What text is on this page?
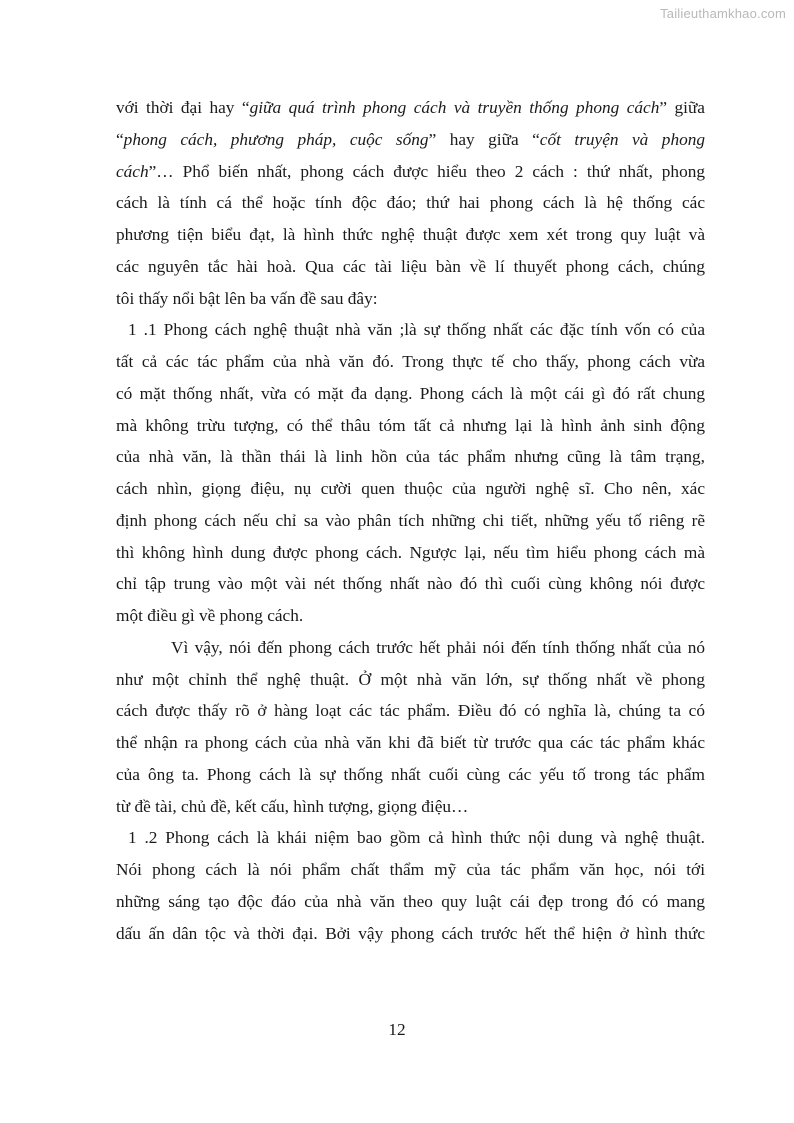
Tailieuthamkhao.com
với thời đại hay “giữa quá trình phong cách và truyền thống phong cách” giữa
“phong cách, phương pháp, cuộc sống” hay giữa “cốt truyện và phong
cách”… Phổ biến nhất, phong cách được hiểu theo 2 cách : thứ nhất, phong
cách là tính cá thể hoặc tính độc đáo; thứ hai phong cách là hệ thống các
phương tiện biểu đạt, là hình thức nghệ thuật được xem xét trong quy luật và
các nguyên tắc hài hoà. Qua các tài liệu bàn về lí thuyết phong cách, chúng
tôi thấy nổi bật lên ba vấn đề sau đây:
1 .1 Phong cách nghệ thuật nhà văn ;là sự thống nhất các đặc tính vốn có của
tất cả các tác phẩm của nhà văn đó. Trong thực tế cho thấy, phong cách vừa
có mặt thống nhất, vừa có mặt đa dạng. Phong cách là một cái gì đó rất chung
mà không trừu tượng, có thể thâu tóm tất cả nhưng lại là hình ảnh sinh động
của nhà văn, là thần thái là linh hồn của tác phẩm nhưng cũng là tâm trạng,
cách nhìn, giọng điệu, nụ cười quen thuộc của người nghệ sĩ. Cho nên, xác
định phong cách nếu chỉ sa vào phân tích những chi tiết, những yếu tố riêng rẽ
thì không hình dung được phong cách. Ngược lại, nếu tìm hiểu phong cách mà
chỉ tập trung vào một vài nét thống nhất nào đó thì cuối cùng không nói được
một điều gì về phong cách.
Vì vậy, nói đến phong cách trước hết phải nói đến tính thống nhất của nó
như một chỉnh thể nghệ thuật. Ở một nhà văn lớn, sự thống nhất về phong
cách được thấy rõ ở hàng loạt các tác phẩm. Điều đó có nghĩa là, chúng ta có
thể nhận ra phong cách của nhà văn khi đã biết từ trước qua các tác phẩm khác
của ông ta. Phong cách là sự thống nhất cuối cùng các yếu tố trong tác phẩm
từ đề tài, chủ đề, kết cấu, hình tượng, giọng điệu…
1 .2 Phong cách là khái niệm bao gồm cả hình thức nội dung và nghệ thuật.
Nói phong cách là nói phẩm chất thẩm mỹ của tác phẩm văn học, nói tới
những sáng tạo độc đáo của nhà văn theo quy luật cái đẹp trong đó có mang
dấu ấn dân tộc và thời đại. Bởi vậy phong cách trước hết thể hiện ở hình thức
12
